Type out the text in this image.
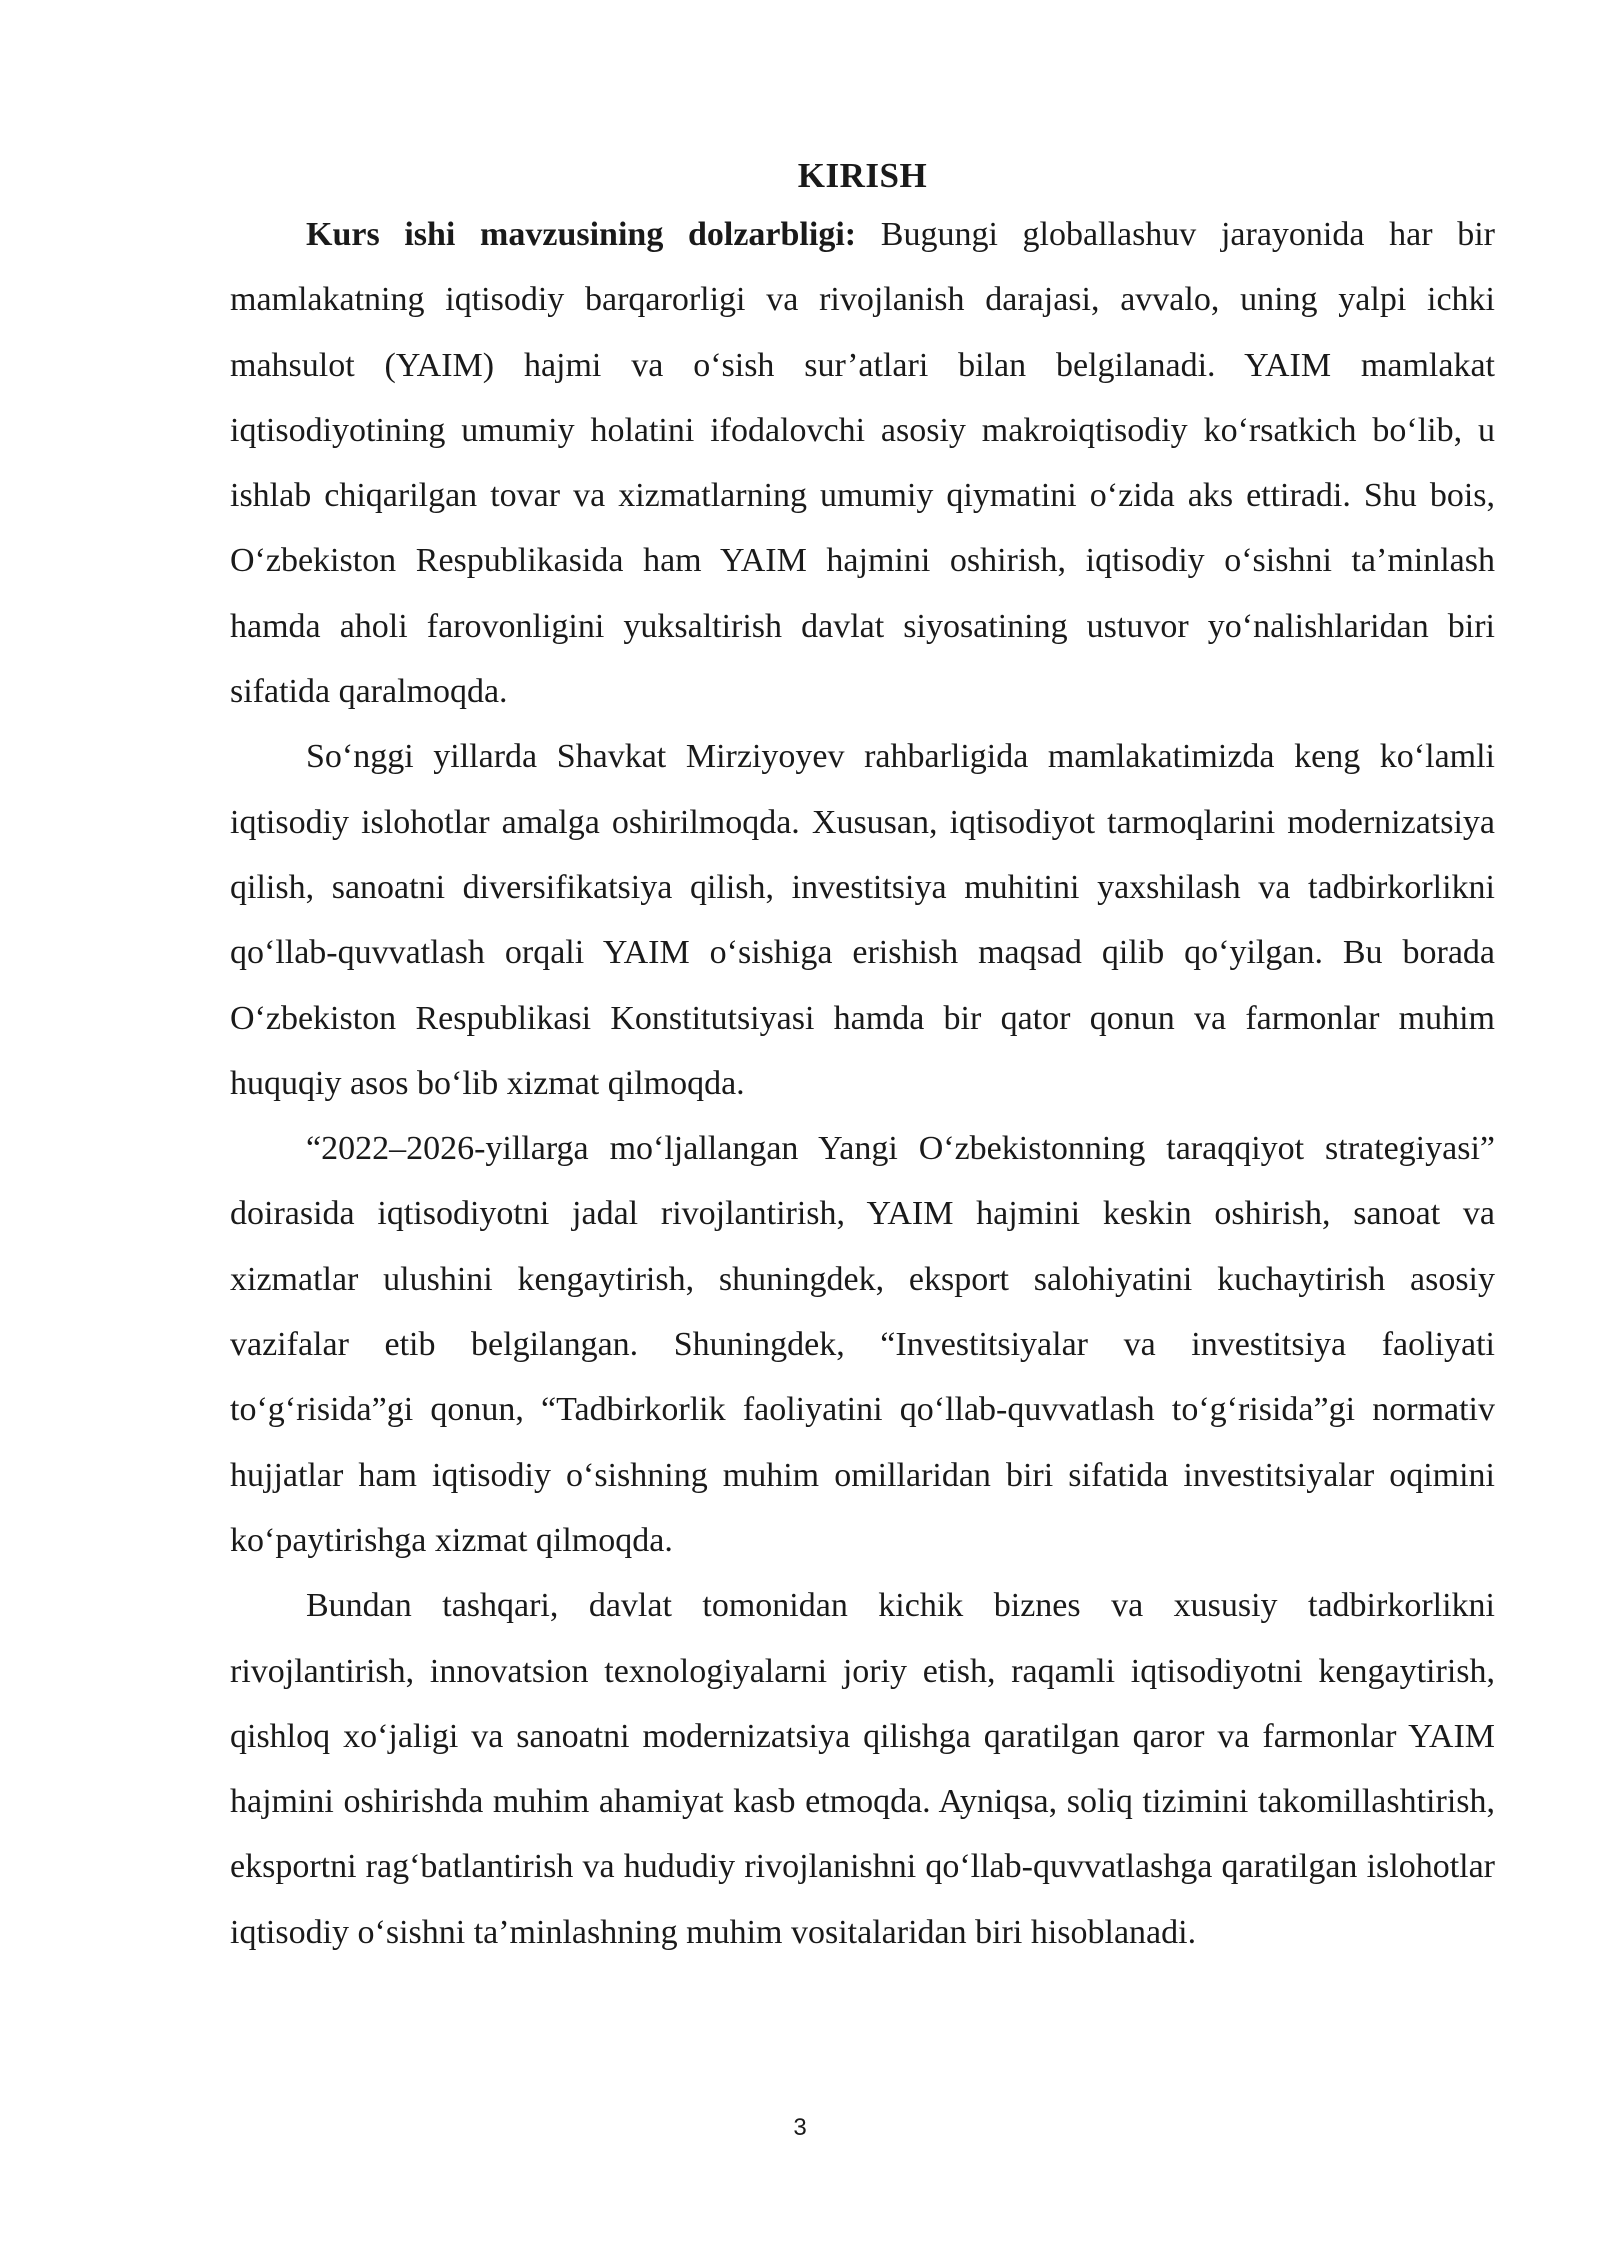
KIRISH

Kurs ishi mavzusining dolzarbligi: Bugungi globallashuv jarayonida har bir mamlakatning iqtisodiy barqarorligi va rivojlanish darajasi, avvalo, uning yalpi ichki mahsulot (YAIM) hajmi va o‘sish sur’atlari bilan belgilanadi. YAIM mamlakat iqtisodiyotining umumiy holatini ifodalovchi asosiy makroiqtisodiy ko‘rsatkich bo‘lib, u ishlab chiqarilgan tovar va xizmatlarning umumiy qiymatini o‘zida aks ettiradi. Shu bois, O‘zbekiston Respublikasida ham YAIM hajmini oshirish, iqtisodiy o‘sishni ta’minlash hamda aholi farovonligini yuksaltirish davlat siyosatining ustuvor yo‘nalishlaridan biri sifatida qaralmoqda.

So‘nggi yillarda Shavkat Mirziyoyev rahbarligida mamlakatimizda keng ko‘lamli iqtisodiy islohotlar amalga oshirilmoqda. Xususan, iqtisodiyot tarmoqlarini modernizatsiya qilish, sanoatni diversifikatsiya qilish, investitsiya muhitini yaxshilash va tadbirkorlikni qo‘llab-quvvatlash orqali YAIM o‘sishiga erishish maqsad qilib qo‘yilgan. Bu borada O‘zbekiston Respublikasi Konstitutsiyasi hamda bir qator qonun va farmonlar muhim huquqiy asos bo‘lib xizmat qilmoqda.

“2022–2026-yillarga mo‘ljallangan Yangi O‘zbekistonning taraqqiyot strategiyasi” doirasida iqtisodiyotni jadal rivojlantirish, YAIM hajmini keskin oshirish, sanoat va xizmatlar ulushini kengaytirish, shuningdek, eksport salohiyatini kuchaytirish asosiy vazifalar etib belgilangan. Shuningdek, “Investitsiyalar va investitsiya faoliyati to‘g‘risida”gi qonun, “Tadbirkorlik faoliyatini qo‘llab-quvvatlash to‘g‘risida”gi normativ hujjatlar ham iqtisodiy o‘sishning muhim omillaridan biri sifatida investitsiyalar oqimini ko‘paytirishga xizmat qilmoqda.

Bundan tashqari, davlat tomonidan kichik biznes va xususiy tadbirkorlikni rivojlantirish, innovatsion texnologiyalarni joriy etish, raqamli iqtisodiyotni kengaytirish, qishloq xo‘jaligi va sanoatni modernizatsiya qilishga qaratilgan qaror va farmonlar YAIM hajmini oshirishda muhim ahamiyat kasb etmoqda. Ayniqsa, soliq tizimini takomillashtirish, eksportni rag‘batlantirish va hududiy rivojlanishni qo‘llab-quvvatlashga qaratilgan islohotlar iqtisodiy o‘sishni ta’minlashning muhim vositalaridan biri hisoblanadi.

3
